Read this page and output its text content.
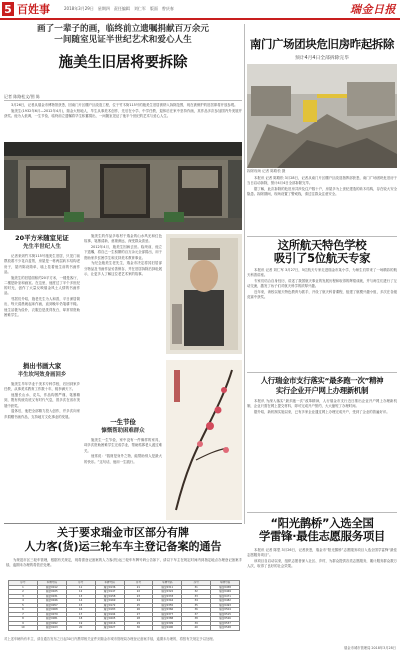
5 百姓事	2018年3月29日 星期四 责任编辑 刘仁军 版面 曾庆春	瑞金日报
画了一辈子的画，临终前立遗嘱捐献百万余元
一间随室见证半世纪艺术和爱心人生
施美生旧居将要拆除
记者 陈路松文/图 陈

3月26日，记者从瑞金市博物馆获悉，因南门片区棚户区改造工程，位于竹木街115号的施美生旧居被纳入拆除范围，现在被保护的旧居即将开放参观。

施美生(1932年6月—2012年4月)，瑞金大柏地人，毕生从事美术创作，先后在小学、中学任教，退休后在家中坚持作画，其作品多次参加国内外美展并获奖。他为人低调，一生节俭，临终前立遗嘱将毕生积蓄捐出，一间随室见证了他半个世纪的艺术与爱心人生。

20平方米随室见证
先生半世纪人生

记者来到竹木街115号施美生旧居，只见门前摆放着不少花卉盆景，房屋是一栋两层砖木结构老房子，屋内陈设简单，墙上挂着他生前的书画作品。

施美生的旧居面积约20平方米，一楼是客厅，二楼是卧室和画室。在这里，他度过了半个多世纪的时光，创作了大量反映瑞金风土人情的书画作品。

邻居们介绍，施老先生为人和善，平日深居简出，每天清晨就起床作画，直到晚年仍笔耕不辍。他生活极为俭朴，衣服总是洗得发白，却常常资助困难学生。

捐出书画大家
半生坎坷效身画回乡

施美生早年毕业于美术专科学校，后回到家乡任教，从事美术教育工作数十年，桃李满天下。

他擅长山水、花鸟，作品构图严谨、笔墨精到，既有传统功底又有时代气息，曾多次在省市美展中获奖。

退休后，他把全部精力投入创作，并多次向家乡捐赠书画作品，支持地方文化事业的发展。

施美生的作品多取材于瑞金的山水风光和红色故事，笔墨清新，意境深远，深受群众喜爱。

2012年4月，施美生因病去世。临终前，他立下遗嘱，将自己一生积攒的百万余元全部捐出，用于资助家乡贫困学生和支持美术教育事业。

为纪念施美生老先生，瑞金市决定将其旧居部分物品及书画作品妥善保存，并在旧居拆除后择址展示，让更多人了解这位老艺术家的故事。

一生节俭
慷慨帮助困难群众

施美生一生节俭，家中没有一件像样的家具，却多次资助困难学生完成学业，帮助孤寡老人渡过难关。

他常说：“钱财是身外之物，能帮助别人是最大的快乐。”这句话，他用一生践行。

南门广场团块危旧房昨起拆除
预计4月4日全部拆除完毕
拆除现场 记者 陈路松 摄

本报讯 记者 陈路松 3月28日，记者从南门片区棚户区改造指挥部获悉，南门广场团块危旧房于当日启动拆除，预计4月4日全部拆除完毕。

据了解，此次拆除的危旧房共涉及住户数十户，房屋多为上世纪建造的砖木结构，存在较大安全隐患。拆除期间，现场设置了警戒线，请过往群众注意安全。

这所航天特色学校
吸引了5位航天专家

本报讯 记者 刘仁军 3月27日，5位航天专家走进瑞金市某小学，为师生们带来了一场精彩的航天科普讲座。

专家们结合自身经历，讲述了我国航天事业的发展历程和取得的辉煌成就，并与师生们进行了互动交流，激发了孩子们对航天科学的浓厚兴趣。

近年来，该校以航天特色教育为抓手，开设了航天科普课程，组建了航模兴趣小组，多次在各级竞赛中获奖。

人行瑞金市支行落实“最多跑一次”精神
实行企业开户网上办理新机制

本报讯 为深入落实“最多跑一次”改革精神，人行瑞金市支行近日推出企业开户网上办理新机制，企业只需在网上提交材料，即可完成开户预约，大大缩短了办理时间。

据介绍，新机制实施以来，已有多家企业通过网上办理完成开户，受到了企业的普遍好评。

“阳光鹊桥”入选全国
学雷锋·最佳志愿服务项目

本报讯 记者 陈思 3月26日，记者获悉，瑞金市“阳光鹊桥”志愿服务项目入选全国学雷锋“最佳志愿服务项目”。

该项目自启动以来，组织志愿者深入社区、乡村，为群众提供各类志愿服务，累计服务群众数万人次，取得了良好的社会效果。

关于要求瑞金市区部分有牌
人力客(货)运三轮车车主登记备案的通告

为规范市区三轮车管理，根据有关规定，现将需登记备案的人力客(货)运三轮车车牌号码公告如下，请以下车主在规定时间内到指定地点办理登记备案手续，逾期未办理的将依法处理。

序号	车牌号码	序号	车牌号码	序号	车牌号码	序号	车牌号码
1	瑞金0012	11	瑞金0136	21	瑞金0311	31	瑞金0458
2	瑞金0025	12	瑞金0147	22	瑞金0322	32	瑞金0469
3	瑞金0031	13	瑞金0158	23	瑞金0333	33	瑞金0471
4	瑞金0046	14	瑞金0169	24	瑞金0344	34	瑞金0482
5	瑞金0057	15	瑞金0172	25	瑞金0355	35	瑞金0493
6	瑞金0068	16	瑞金0183	26	瑞金0366	36	瑞金0504
7	瑞金0079	17	瑞金0194	27	瑞金0377	37	瑞金0515
8	瑞金0081	18	瑞金0205	28	瑞金0388	38	瑞金0526
9	瑞金0092	19	瑞金0216	29	瑞金0399	39	瑞金0537
10	瑞金0103	20	瑞金0227	30	瑞金0400	40	瑞金0548
对上述车辆所有车主，请自通告发布之日起30日内携带相关证件到瑞金市城市管理局办理登记备案手续，逾期未办理的，将按有关规定予以处理。
瑞金市城市管理局 2018年3月28日
